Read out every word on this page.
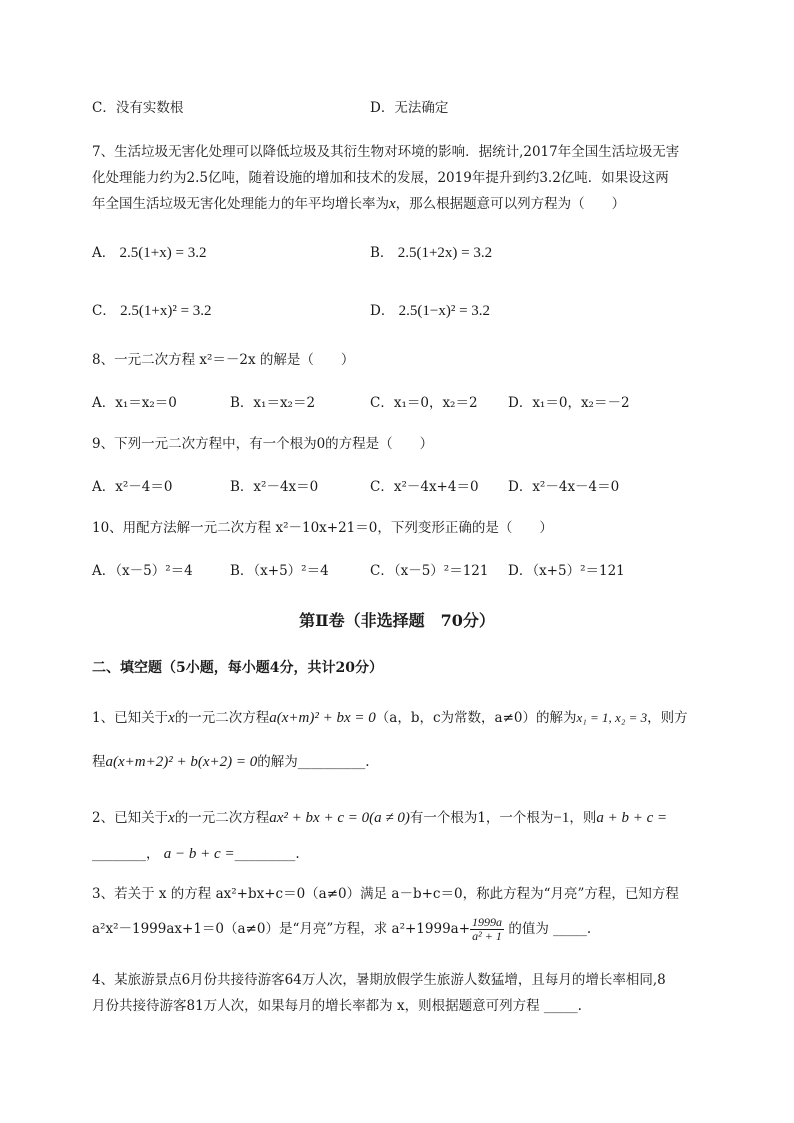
C．没有实数根	D．无法确定
7、生活垃圾无害化处理可以降低垃圾及其衍生物对环境的影响．据统计,2017年全国生活垃圾无害
化处理能力约为2.5亿吨，随着设施的增加和技术的发展，2019年提升到约3.2亿吨．如果设这两
年全国生活垃圾无害化处理能力的年平均增长率为x，那么根据题意可以列方程为（　　）
A． 2.5(1+x) = 3.2	B． 2.5(1+2x) = 3.2
C． 2.5(1+x)² = 3.2	D． 2.5(1−x)² = 3.2
8、一元二次方程 x²＝－2x 的解是（　　）
A．x₁＝x₂＝0	B．x₁＝x₂＝2	C．x₁＝0，x₂＝2 D．x₁＝0，x₂＝－2
9、下列一元二次方程中，有一个根为0的方程是（　　）
A．x²－4＝0	B．x²－4x＝0	C．x²－4x+4＝0 D．x²－4x－4＝0
10、用配方法解一元二次方程 x²－10x+21＝0，下列变形正确的是（　　）
A．（x－5）²＝4	B．（x+5）²＝4	C．（x－5）²＝121 D．（x+5）²＝121
第Ⅱ卷（非选择题　70分）
二、填空题（5小题，每小题4分，共计20分）
1、已知关于x的一元二次方程a(x+m)² + bx = 0（a，b，c为常数，a≠0）的解为x₁ = 1, x₂ = 3，则方
程a(x+m+2)² + b(x+2) = 0的解为__________.
2、已知关于x的一元二次方程ax² + bx + c = 0(a ≠ 0)有一个根为1，一个根为−1，则a + b + c =
________， a − b + c =_________.
3、若关于 x 的方程 ax²+bx+c＝0（a≠0）满足 a－b+c＝0，称此方程为“月亮”方程，已知方程
a²x²－1999ax+1＝0（a≠0）是“月亮”方程，求 $a^2+1999a+ \frac{1999a}{\text{a² + 1}}$ 的值为 _____.
4、某旅游景点6月份共接待游客64万人次，暑期放假学生旅游人数猛增，且每月的增长率相同,8
月份共接待游客81万人次，如果每月的增长率都为 x，则根据题意可列方程 _____.
